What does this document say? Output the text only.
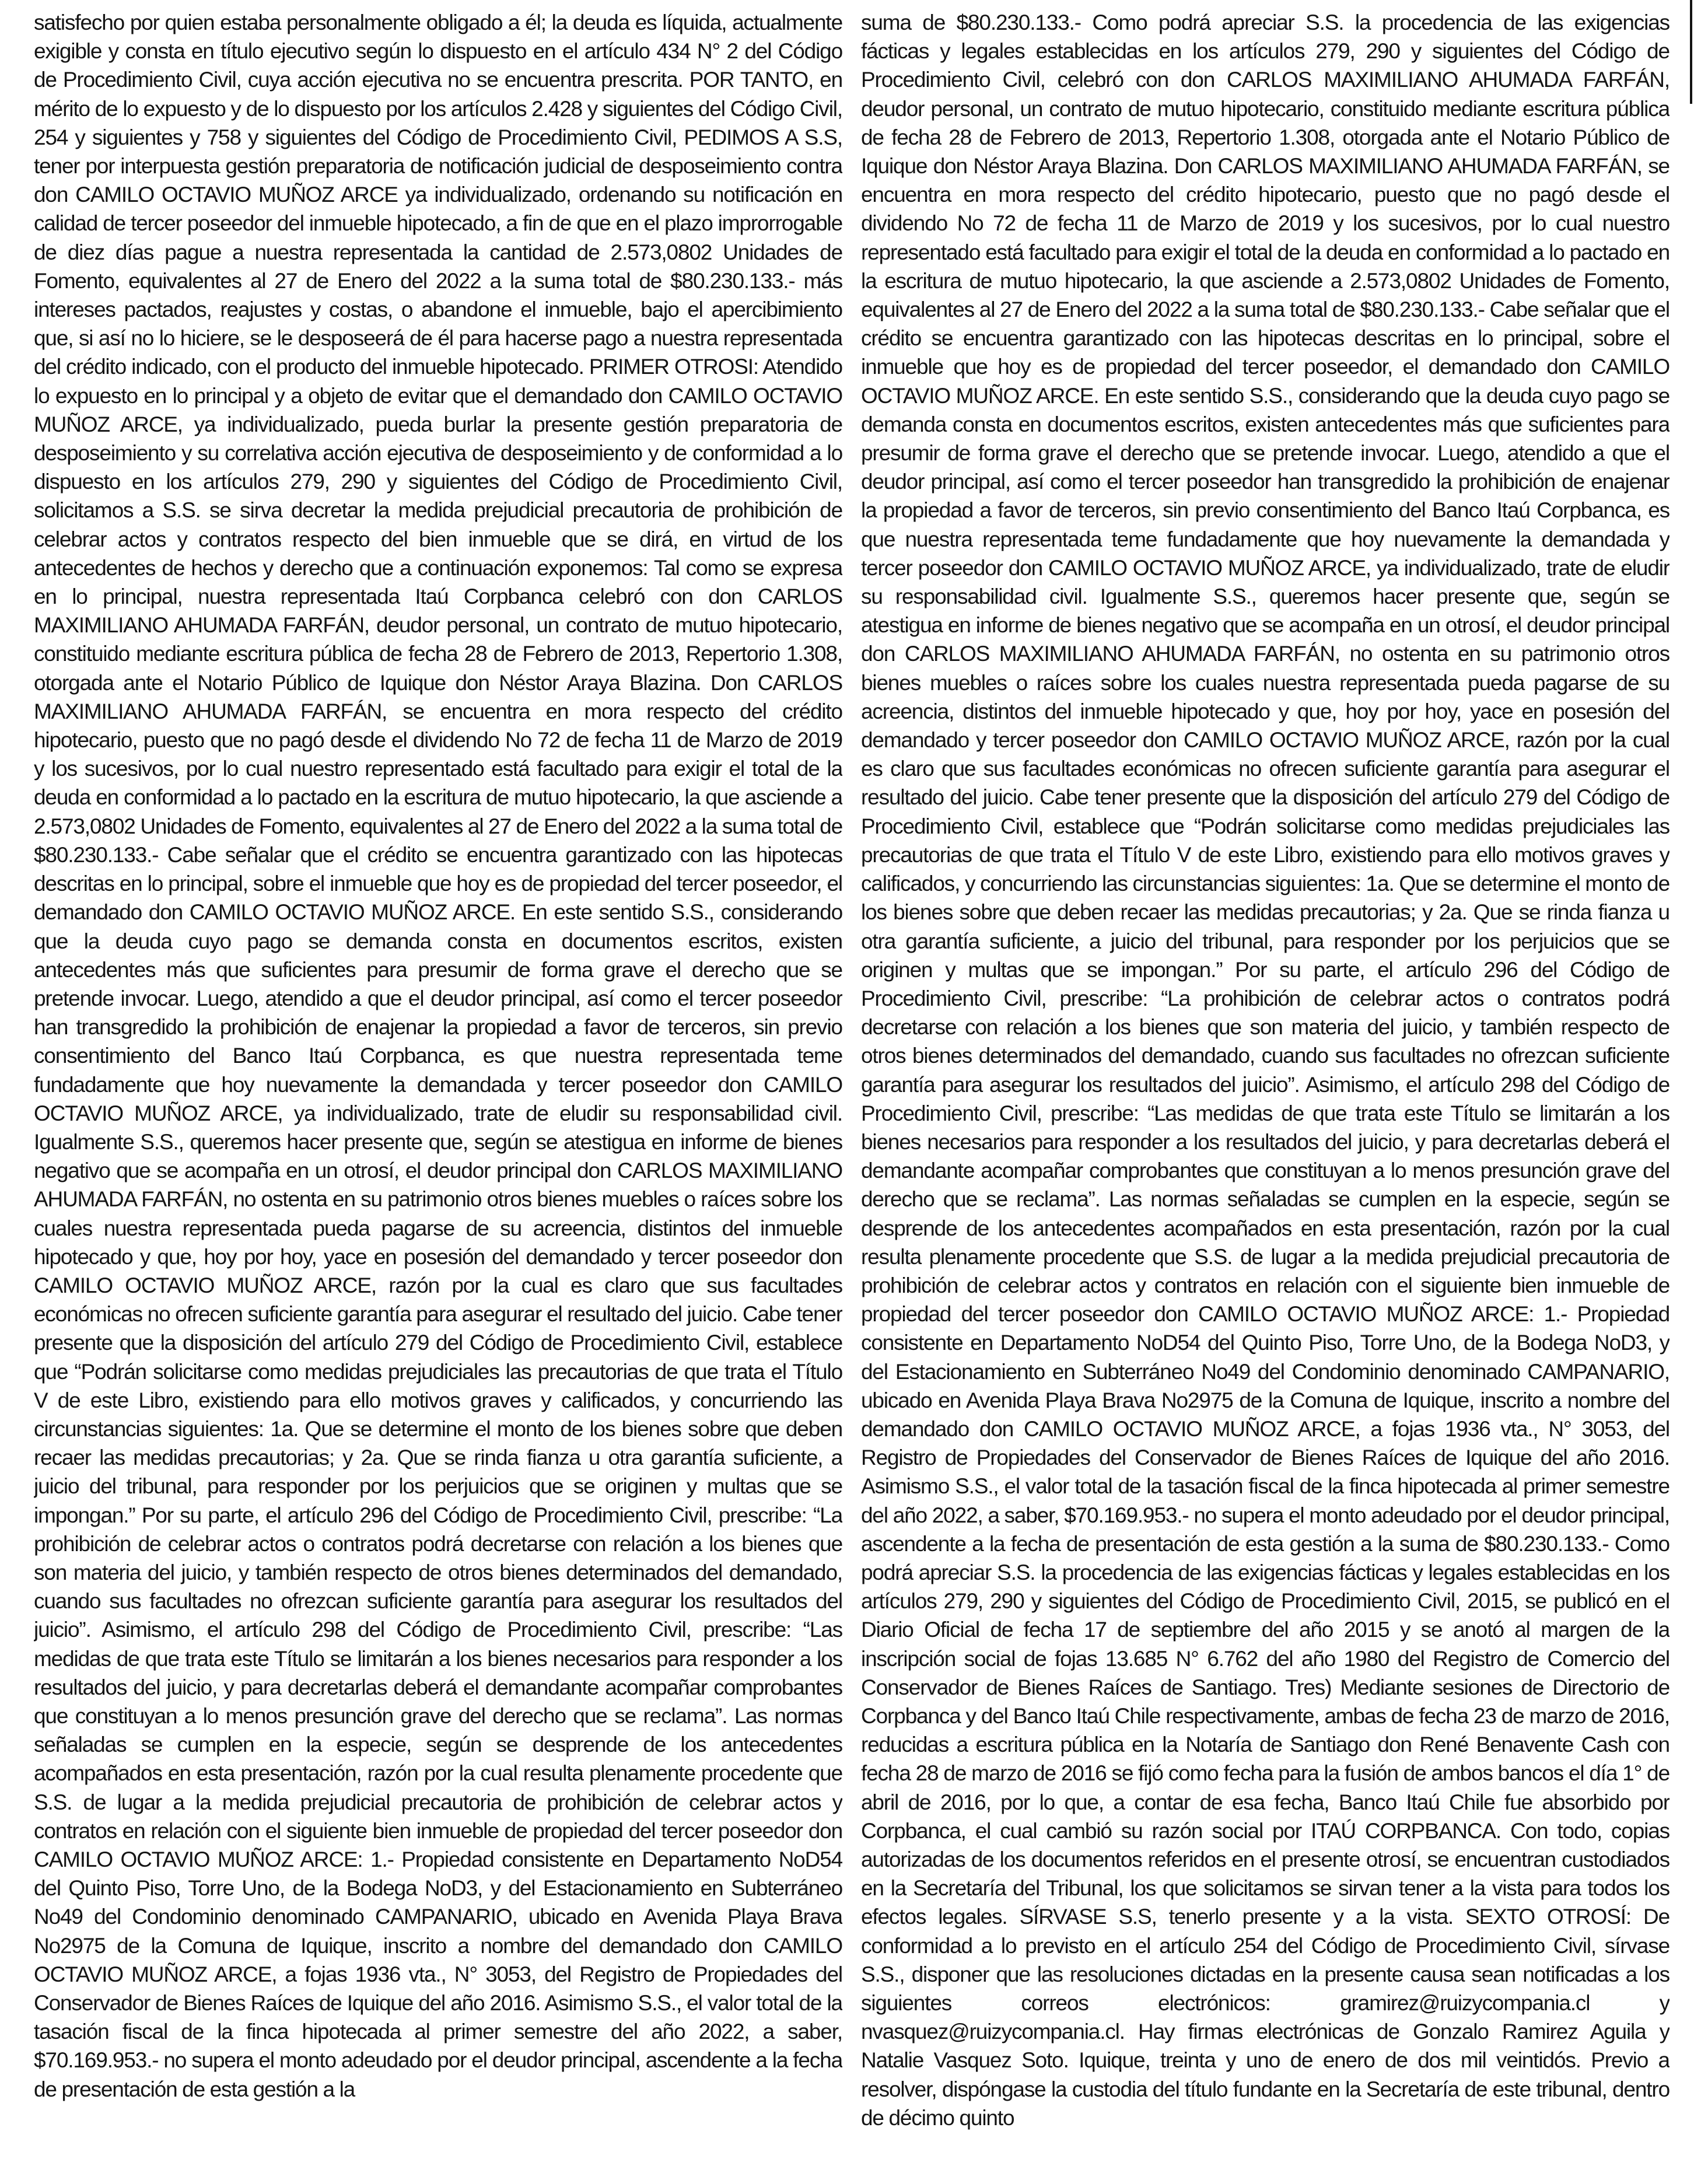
satisfecho por quien estaba personalmente obligado a él; la deuda es líquida, actualmente exigible y consta en título ejecutivo según lo dispuesto en el artículo 434 N° 2 del Código de Procedimiento Civil, cuya acción ejecutiva no se encuentra prescrita. POR TANTO, en mérito de lo expuesto y de lo dispuesto por los artículos 2.428 y siguientes del Código Civil, 254 y siguientes y 758 y siguientes del Código de Procedimiento Civil, PEDIMOS A S.S, tener por interpuesta gestión preparatoria de notificación judicial de desposeimiento contra don CAMILO OCTAVIO MUÑOZ ARCE ya individualizado, ordenando su notificación en calidad de tercer poseedor del inmueble hipotecado, a fin de que en el plazo improrrogable de diez días pague a nuestra representada la cantidad de 2.573,0802 Unidades de Fomento, equivalentes al 27 de Enero del 2022 a la suma total de $80.230.133.- más intereses pactados, reajustes y costas, o abandone el inmueble, bajo el apercibimiento que, si así no lo hiciere, se le desposeerá de él para hacerse pago a nuestra representada del crédito indicado, con el producto del inmueble hipotecado. PRIMER OTROSI: Atendido lo expuesto en lo principal y a objeto de evitar que el demandado don CAMILO OCTAVIO MUÑOZ ARCE, ya individualizado, pueda burlar la presente gestión preparatoria de desposeimiento y su correlativa acción ejecutiva de desposeimiento y de conformidad a lo dispuesto en los artículos 279, 290 y siguientes del Código de Procedimiento Civil, solicitamos a S.S. se sirva decretar la medida prejudicial precautoria de prohibición de celebrar actos y contratos respecto del bien inmueble que se dirá, en virtud de los antecedentes de hechos y derecho que a continuación exponemos: Tal como se expresa en lo principal, nuestra representada Itaú Corpbanca celebró con don CARLOS MAXIMILIANO AHUMADA FARFÁN, deudor personal, un contrato de mutuo hipotecario, constituido mediante escritura pública de fecha 28 de Febrero de 2013, Repertorio 1.308, otorgada ante el Notario Público de Iquique don Néstor Araya Blazina. Don CARLOS MAXIMILIANO AHUMADA FARFÁN, se encuentra en mora respecto del crédito hipotecario, puesto que no pagó desde el dividendo No 72 de fecha 11 de Marzo de 2019 y los sucesivos, por lo cual nuestro representado está facultado para exigir el total de la deuda en conformidad a lo pactado en la escritura de mutuo hipotecario, la que asciende a 2.573,0802 Unidades de Fomento, equivalentes al 27 de Enero del 2022 a la suma total de $80.230.133.- Cabe señalar que el crédito se encuentra garantizado con las hipotecas descritas en lo principal, sobre el inmueble que hoy es de propiedad del tercer poseedor, el demandado don CAMILO OCTAVIO MUÑOZ ARCE. En este sentido S.S., considerando que la deuda cuyo pago se demanda consta en documentos escritos, existen antecedentes más que suficientes para presumir de forma grave el derecho que se pretende invocar. Luego, atendido a que el deudor principal, así como el tercer poseedor han transgredido la prohibición de enajenar la propiedad a favor de terceros, sin previo consentimiento del Banco Itaú Corpbanca, es que nuestra representada teme fundadamente que hoy nuevamente la demandada y tercer poseedor don CAMILO OCTAVIO MUÑOZ ARCE, ya individualizado, trate de eludir su responsabilidad civil. Igualmente S.S., queremos hacer presente que, según se atestigua en informe de bienes negativo que se acompaña en un otrosí, el deudor principal don CARLOS MAXIMILIANO AHUMADA FARFÁN, no ostenta en su patrimonio otros bienes muebles o raíces sobre los cuales nuestra representada pueda pagarse de su acreencia, distintos del inmueble hipotecado y que, hoy por hoy, yace en posesión del demandado y tercer poseedor don CAMILO OCTAVIO MUÑOZ ARCE, razón por la cual es claro que sus facultades económicas no ofrecen suficiente garantía para asegurar el resultado del juicio. Cabe tener presente que la disposición del artículo 279 del Código de Procedimiento Civil, establece que “Podrán solicitarse como medidas prejudiciales las precautorias de que trata el Título V de este Libro, existiendo para ello motivos graves y calificados, y concurriendo las circunstancias siguientes: 1a. Que se determine el monto de los bienes sobre que deben recaer las medidas precautorias; y 2a. Que se rinda fianza u otra garantía suficiente, a juicio del tribunal, para responder por los perjuicios que se originen y multas que se impongan.” Por su parte, el artículo 296 del Código de Procedimiento Civil, prescribe: “La prohibición de celebrar actos o contratos podrá decretarse con relación a los bienes que son materia del juicio, y también respecto de otros bienes determinados del demandado, cuando sus facultades no ofrezcan suficiente garantía para asegurar los resultados del juicio”. Asimismo, el artículo 298 del Código de Procedimiento Civil, prescribe: “Las medidas de que trata este Título se limitarán a los bienes necesarios para responder a los resultados del juicio, y para decretarlas deberá el demandante acompañar comprobantes que constituyan a lo menos presunción grave del derecho que se reclama”. Las normas señaladas se cumplen en la especie, según se desprende de los antecedentes acompañados en esta presentación, razón por la cual resulta plenamente procedente que S.S. de lugar a la medida prejudicial precautoria de prohibición de celebrar actos y contratos en relación con el siguiente bien inmueble de propiedad del tercer poseedor don CAMILO OCTAVIO MUÑOZ ARCE: 1.- Propiedad consistente en Departamento NoD54 del Quinto Piso, Torre Uno, de la Bodega NoD3, y del Estacionamiento en Subterráneo No49 del Condominio denominado CAMPANARIO, ubicado en Avenida Playa Brava No2975 de la Comuna de Iquique, inscrito a nombre del demandado don CAMILO OCTAVIO MUÑOZ ARCE, a fojas 1936 vta., N° 3053, del Registro de Propiedades del Conservador de Bienes Raíces de Iquique del año 2016. Asimismo S.S., el valor total de la tasación fiscal de la finca hipotecada al primer semestre del año 2022, a saber, $70.169.953.- no supera el monto adeudado por el deudor principal, ascendente a la fecha de presentación de esta gestión a la

suma de $80.230.133.- Como podrá apreciar S.S. la procedencia de las exigencias fácticas y legales establecidas en los artículos 279, 290 y siguientes del Código de Procedimiento Civil, celebró con don CARLOS MAXIMILIANO AHUMADA FARFÁN, deudor personal, un contrato de mutuo hipotecario, constituido mediante escritura pública de fecha 28 de Febrero de 2013, Repertorio 1.308, otorgada ante el Notario Público de Iquique don Néstor Araya Blazina. Don CARLOS MAXIMILIANO AHUMADA FARFÁN, se encuentra en mora respecto del crédito hipotecario, puesto que no pagó desde el dividendo No 72 de fecha 11 de Marzo de 2019 y los sucesivos, por lo cual nuestro representado está facultado para exigir el total de la deuda en conformidad a lo pactado en la escritura de mutuo hipotecario, la que asciende a 2.573,0802 Unidades de Fomento, equivalentes al 27 de Enero del 2022 a la suma total de $80.230.133.- Cabe señalar que el crédito se encuentra garantizado con las hipotecas descritas en lo principal, sobre el inmueble que hoy es de propiedad del tercer poseedor, el demandado don CAMILO OCTAVIO MUÑOZ ARCE. En este sentido S.S., considerando que la deuda cuyo pago se demanda consta en documentos escritos, existen antecedentes más que suficientes para presumir de forma grave el derecho que se pretende invocar. Luego, atendido a que el deudor principal, así como el tercer poseedor han transgredido la prohibición de enajenar la propiedad a favor de terceros, sin previo consentimiento del Banco Itaú Corpbanca, es que nuestra representada teme fundadamente que hoy nuevamente la demandada y tercer poseedor don CAMILO OCTAVIO MUÑOZ ARCE, ya individualizado, trate de eludir su responsabilidad civil. Igualmente S.S., queremos hacer presente que, según se atestigua en informe de bienes negativo que se acompaña en un otrosí, el deudor principal don CARLOS MAXIMILIANO AHUMADA FARFÁN, no ostenta en su patrimonio otros bienes muebles o raíces sobre los cuales nuestra representada pueda pagarse de su acreencia, distintos del inmueble hipotecado y que, hoy por hoy, yace en posesión del demandado y tercer poseedor don CAMILO OCTAVIO MUÑOZ ARCE, razón por la cual es claro que sus facultades económicas no ofrecen suficiente garantía para asegurar el resultado del juicio. Cabe tener presente que la disposición del artículo 279 del Código de Procedimiento Civil, establece que “Podrán solicitarse como medidas prejudiciales las precautorias de que trata el Título V de este Libro, existiendo para ello motivos graves y calificados, y concurriendo las circunstancias siguientes: 1a. Que se determine el monto de los bienes sobre que deben recaer las medidas precautorias; y 2a. Que se rinda fianza u otra garantía suficiente, a juicio del tribunal, para responder por los perjuicios que se originen y multas que se impongan.” Por su parte, el artículo 296 del Código de Procedimiento Civil, prescribe: “La prohibición de celebrar actos o contratos podrá decretarse con relación a los bienes que son materia del juicio, y también respecto de otros bienes determinados del demandado, cuando sus facultades no ofrezcan suficiente garantía para asegurar los resultados del juicio”. Asimismo, el artículo 298 del Código de Procedimiento Civil, prescribe: “Las medidas de que trata este Título se limitarán a los bienes necesarios para responder a los resultados del juicio, y para decretarlas deberá el demandante acompañar comprobantes que constituyan a lo menos presunción grave del derecho que se reclama”. Las normas señaladas se cumplen en la especie, según se desprende de los antecedentes acompañados en esta presentación, razón por la cual resulta plenamente procedente que S.S. de lugar a la medida prejudicial precautoria de prohibición de celebrar actos y contratos en relación con el siguiente bien inmueble de propiedad del tercer poseedor don CAMILO OCTAVIO MUÑOZ ARCE: 1.- Propiedad consistente en Departamento NoD54 del Quinto Piso, Torre Uno, de la Bodega NoD3, y del Estacionamiento en Subterráneo No49 del Condominio denominado CAMPANARIO, ubicado en Avenida Playa Brava No2975 de la Comuna de Iquique, inscrito a nombre del demandado don CAMILO OCTAVIO MUÑOZ ARCE, a fojas 1936 vta., N° 3053, del Registro de Propiedades del Conservador de Bienes Raíces de Iquique del año 2016. Asimismo S.S., el valor total de la tasación fiscal de la finca hipotecada al primer semestre del año 2022, a saber, $70.169.953.- no supera el monto adeudado por el deudor principal, ascendente a la fecha de presentación de esta gestión a la suma de $80.230.133.- Como podrá apreciar S.S. la procedencia de las exigencias fácticas y legales establecidas en los artículos 279, 290 y siguientes del Código de Procedimiento Civil, 2015, se publicó en el Diario Oficial de fecha 17 de septiembre del año 2015 y se anotó al margen de la inscripción social de fojas 13.685 N° 6.762 del año 1980 del Registro de Comercio del Conservador de Bienes Raíces de Santiago. Tres) Mediante sesiones de Directorio de Corpbanca y del Banco Itaú Chile respectivamente, ambas de fecha 23 de marzo de 2016, reducidas a escritura pública en la Notaría de Santiago don René Benavente Cash con fecha 28 de marzo de 2016 se fijó como fecha para la fusión de ambos bancos el día 1° de abril de 2016, por lo que, a contar de esa fecha, Banco Itaú Chile fue absorbido por Corpbanca, el cual cambió su razón social por ITAÚ CORPBANCA. Con todo, copias autorizadas de los documentos referidos en el presente otrosí, se encuentran custodiados en la Secretaría del Tribunal, los que solicitamos se sirvan tener a la vista para todos los efectos legales. SÍRVASE S.S, tenerlo presente y a la vista. SEXTO OTROSÍ: De conformidad a lo previsto en el artículo 254 del Código de Procedimiento Civil, sírvase S.S., disponer que las resoluciones dictadas en la presente causa sean notificadas a los siguientes correos electrónicos: gramirez@ruizycompania.cl y nvasquez@ruizycompania.cl. Hay firmas electrónicas de Gonzalo Ramirez Aguila y Natalie Vasquez Soto. Iquique, treinta y uno de enero de dos mil veintidós. Previo a resolver, dispóngase la custodia del título fundante en la Secretaría de este tribunal, dentro de décimo quinto
